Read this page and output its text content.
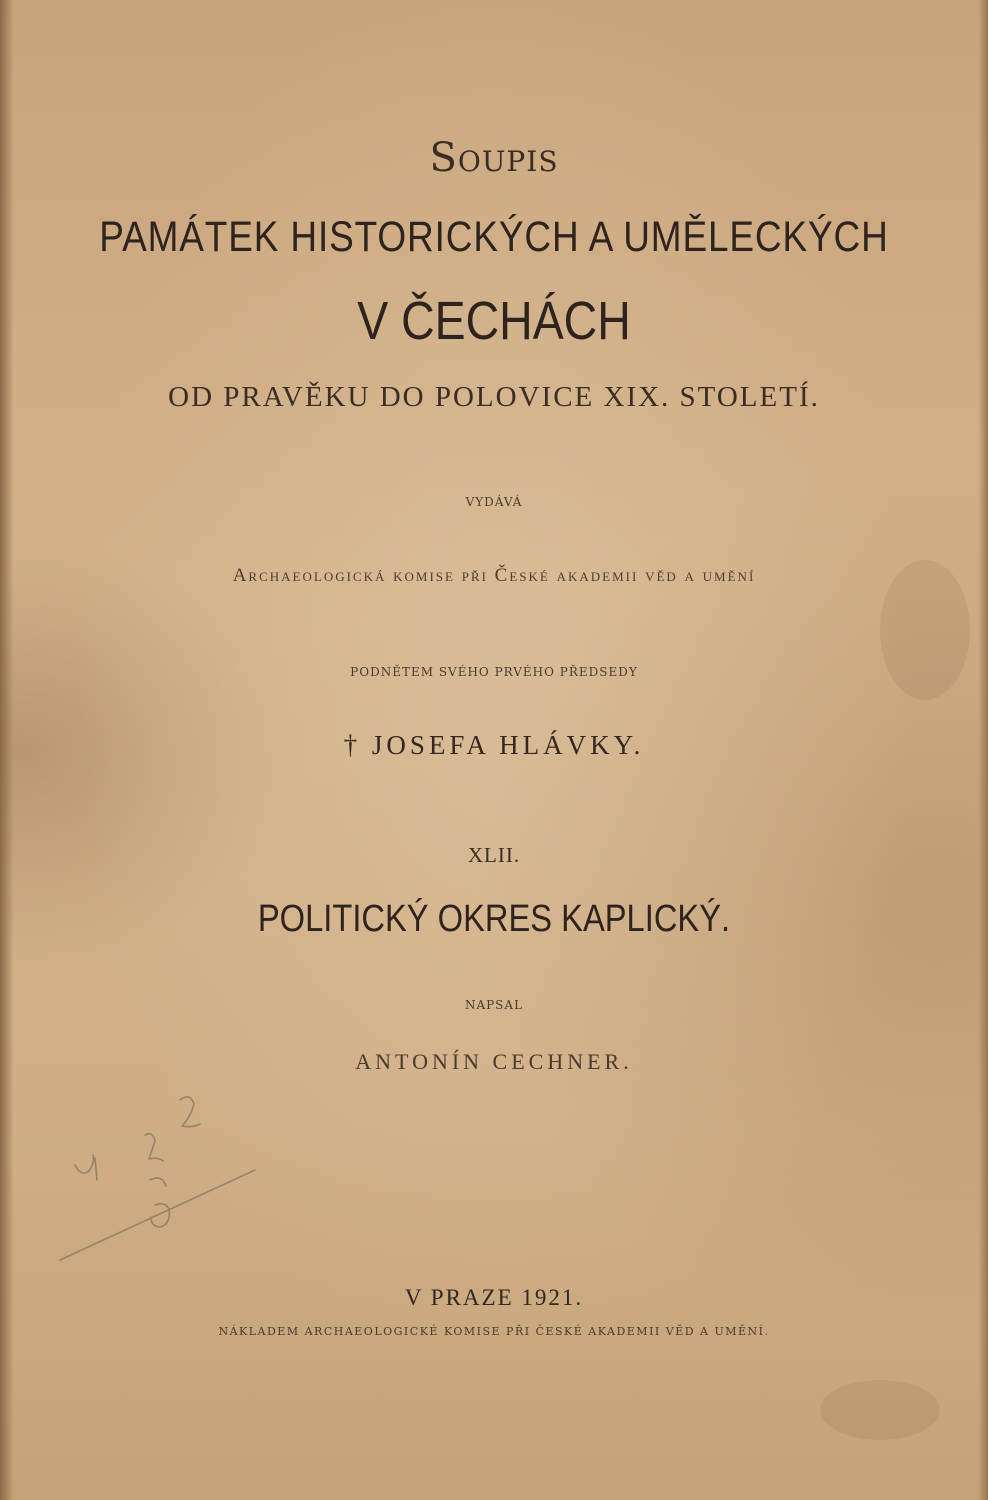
Soupis
PAMÁTEK HISTORICKÝCH A UMĚLECKÝCH
V ČECHÁCH
OD PRAVĚKU DO POLOVICE XIX. STOLETÍ.
VYDÁVÁ
Archaeologická komise při České akademii věd a umění
PODNĚTEM SVÉHO PRVÉHO PŘEDSEDY
† JOSEFA HLÁVKY.
XLII.
POLITICKÝ OKRES KAPLICKÝ.
NAPSAL
ANTONÍN CECHNER.
V PRAZE 1921.
NÁKLADEM ARCHAEOLOGICKÉ KOMISE PŘI ČESKÉ AKADEMII VĚD A UMĚNÍ.
